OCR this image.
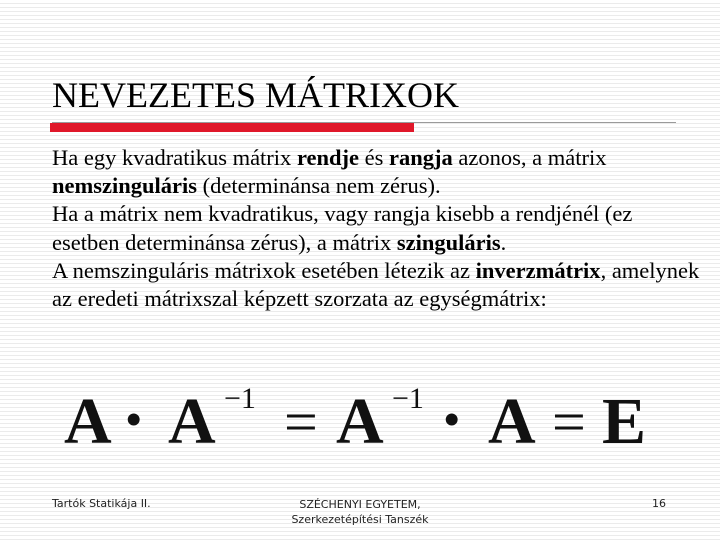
NEVEZETES MÁTRIXOK

Ha egy kvadratikus mátrix rendje és rangja azonos, a mátrix nemszinguláris (determinánsa nem zérus).

Ha a mátrix nem kvadratikus, vagy rangja kisebb a rendjénél (ez esetben determinánsa zérus), a mátrix szinguláris.

A nemszinguláris mátrixok esetében létezik az inverzmátrix, amelynek az eredeti mátrixszal képzett szorzata az egységmátrix:

A • A −1 = A −1 • A = E
Tartók Statikája II.	SZÉCHENYI EGYETEM,
Szerkezetépítési Tanszék
16
